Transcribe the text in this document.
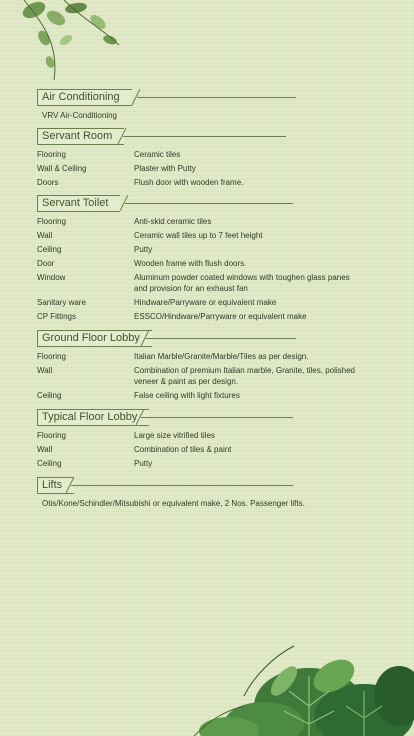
Air Conditioning
VRV Air-Conditioning
Servant Room
Flooring	Ceramic tiles
Wall & Ceiling	Plaster with Putty
Doors	Flush door with wooden frame.
Servant Toilet
Flooring	Anti-skid ceramic tiles
Wall	Ceramic wall tiles up to 7 feet height
Ceiling	Putty
Door	Wooden frame with flush doors.
Window	Aluminum powder coated windows with toughen glass panes and provision for an exhaust fan
Sanitary ware	Hindware/Parryware or equivalent make
CP Fittings	ESSCO/Hindware/Parryware or equivalent make
Ground Floor Lobby
Flooring	Italian Marble/Granite/Marble/Tiles as per design.
Wall	Combination of premium Italian marble, Granite, tiles, polished veneer & paint as per design.
Ceiling	False ceiling with light fixtures
Typical Floor Lobby
Flooring	Large size vitrified tiles
Wall	Combination of tiles & paint
Ceiling	Putty
Lifts
Otis/Kone/Schindler/Mitsubishi or equivalent make, 2 Nos. Passenger lifts.
